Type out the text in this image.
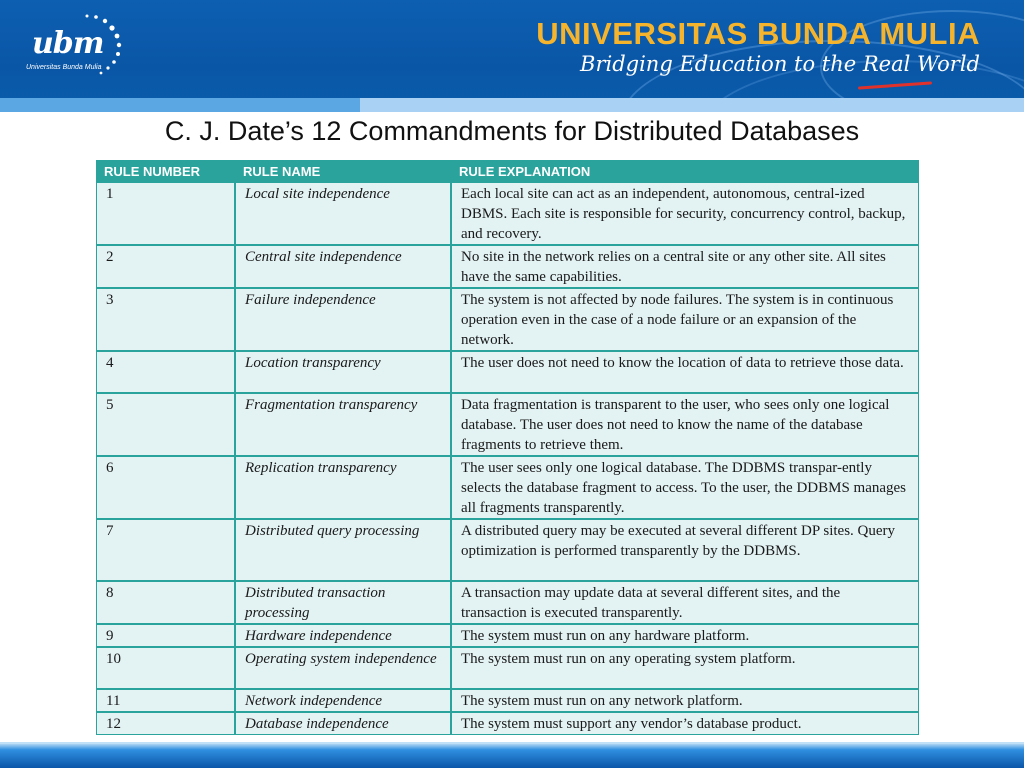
ubm
Universitas Bunda Mulia
UNIVERSITAS BUNDA MULIA
Bridging Education to the Real World
C. J. Date’s 12 Commandments for Distributed Databases
RULE NUMBER	RULE NAME	RULE EXPLANATION
1	Local site independence	Each local site can act as an independent, autonomous, central-ized DBMS. Each site is responsible for security, concurrency control, backup, and recovery.
2	Central site independence	No site in the network relies on a central site or any other site. All sites have the same capabilities.
3	Failure independence	The system is not affected by node failures. The system is in continuous operation even in the case of a node failure or an expansion of the network.
4	Location transparency	The user does not need to know the location of data to retrieve those data.
5	Fragmentation transparency	Data fragmentation is transparent to the user, who sees only one logical database. The user does not need to know the name of the database fragments to retrieve them.
6	Replication transparency	The user sees only one logical database. The DDBMS transpar-ently selects the database fragment to access. To the user, the DDBMS manages all fragments transparently.
7	Distributed query processing	A distributed query may be executed at several different DP sites. Query optimization is performed transparently by the DDBMS.
8	Distributed transaction processing	A transaction may update data at several different sites, and the transaction is executed transparently.
9	Hardware independence	The system must run on any hardware platform.
10	Operating system independence	The system must run on any operating system platform.
11	Network independence	The system must run on any network platform.
12	Database independence	The system must support any vendor’s database product.
